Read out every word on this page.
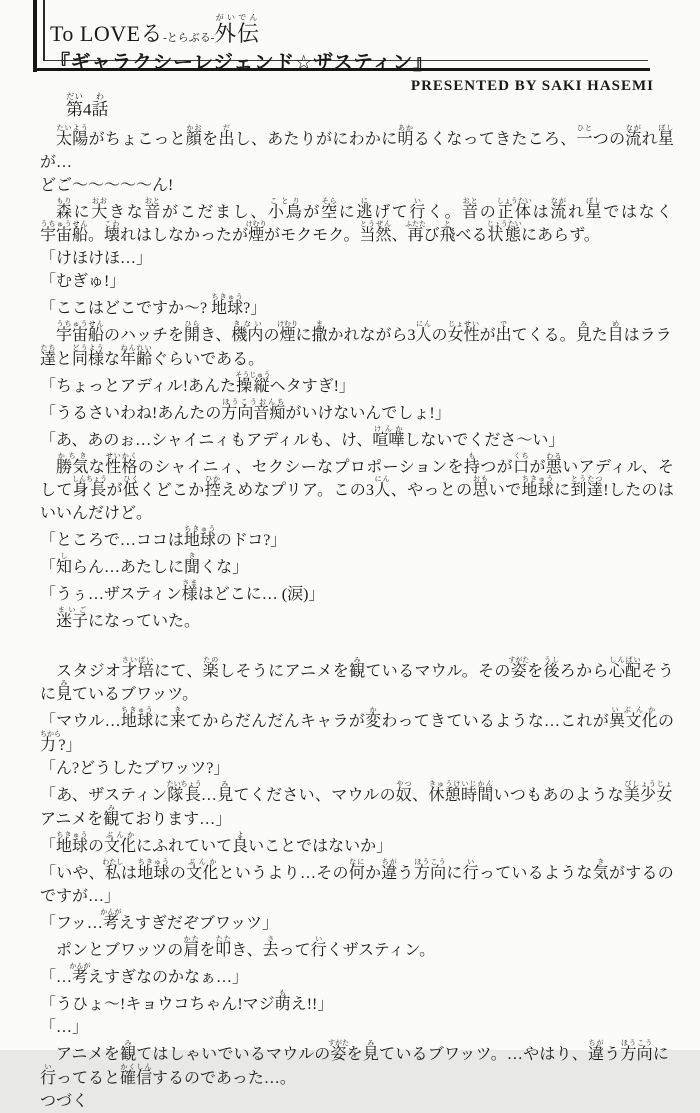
To LOVEる-とらぶる-外伝がいでん
『ギャラクシーレジェンド☆ザスティン』
PRESENTED BY SAKI HASEMI
第だい4話わ

太陽たいようがちょこっと顔かおを出だし、あたりがにわかに明あかるくなってきたころ、一ひとつの流ながれ星ぼしが…

どご〜〜〜〜〜ん!

森もりに大おおきな音おとがこだまし、小鳥ことりが空そらに逃にげて行いく。音おとの正体しょうたいは流ながれ星ぼしではなく宇宙船うちゅうせん。壊こわれはしなかったが煙けむりがモクモク。当然とうぜん、再ふたたび飛とべる状態じょうたいにあらず。

「けほけほ…」

「むぎゅ!」

「ここはどこですか〜? 地球ちきゅう?」

宇宙船うちゅうせんのハッチを開ひらき、機内きないの煙けむりに撒まかれながら3人にんの女性じょせいが出でてくる。見みた目めはララ達たちと同様どうような年齢ねんれいぐらいである。

「ちょっとアディル!あんた操縦そうじゅうヘタすぎ!」

「うるさいわね!あんたの方向音痴ほうこうおんちがいけないんでしょ!」

「あ、あのぉ…シャイニィもアディルも、け、喧嘩けんかしないでくださ〜い」

勝気かちきな性格せいかくのシャイニィ、セクシーなプロポーションを持もつが口くちが悪わるいアディル、そして身長しんちょうが低ひくくどこか控ひかえめなプリア。この3人にん、やっとの思おもいで地球ちきゅうに到達とうたつ!したのはいいんだけど。

「ところで…ココは地球ちきゅうのドコ?」

「知しらん…あたしに聞きくな」

「うぅ…ザスティン様さまはどこに… (涙)」

迷子まいごになっていた。

スタジオ才培さいばいにて、楽たのしそうにアニメを観みているマウル。その姿すがたを後うしろから心配しんぱいそうに見みているブワッツ。

「マウル…地球ちきゅうに来きてからだんだんキャラが変かわってきているような…これが異文化いぶんかの力ちから?」

「ん?どうしたブワッツ?」

「あ、ザスティン隊長たいちょう…見みてください、マウルの奴やつ、休憩時間きゅうけいじかんいつもあのような美少女びしょうじょアニメを観みております…」

「地球ちきゅうの文化ぶんかにふれていて良よいことではないか」

「いや、私わたしは地球ちきゅうの文化ぶんかというより…その何なにか違ちがう方向ほうこうに行いっているような気きがするのですが…」

「フッ…考かんがえすぎだぞブワッツ」

ポンとブワッツの肩かたを叩たたき、去さって行いくザスティン。

「…考かんがえすぎなのかなぁ…」

「うひょ〜!キョウコちゃん!マジ萌もえ!!」

「…」

アニメを観みてはしゃいでいるマウルの姿すがたを見みているブワッツ。…やはり、違ちがう方向ほうこうに行いってると確信かくしんするのであった…。

つづく
